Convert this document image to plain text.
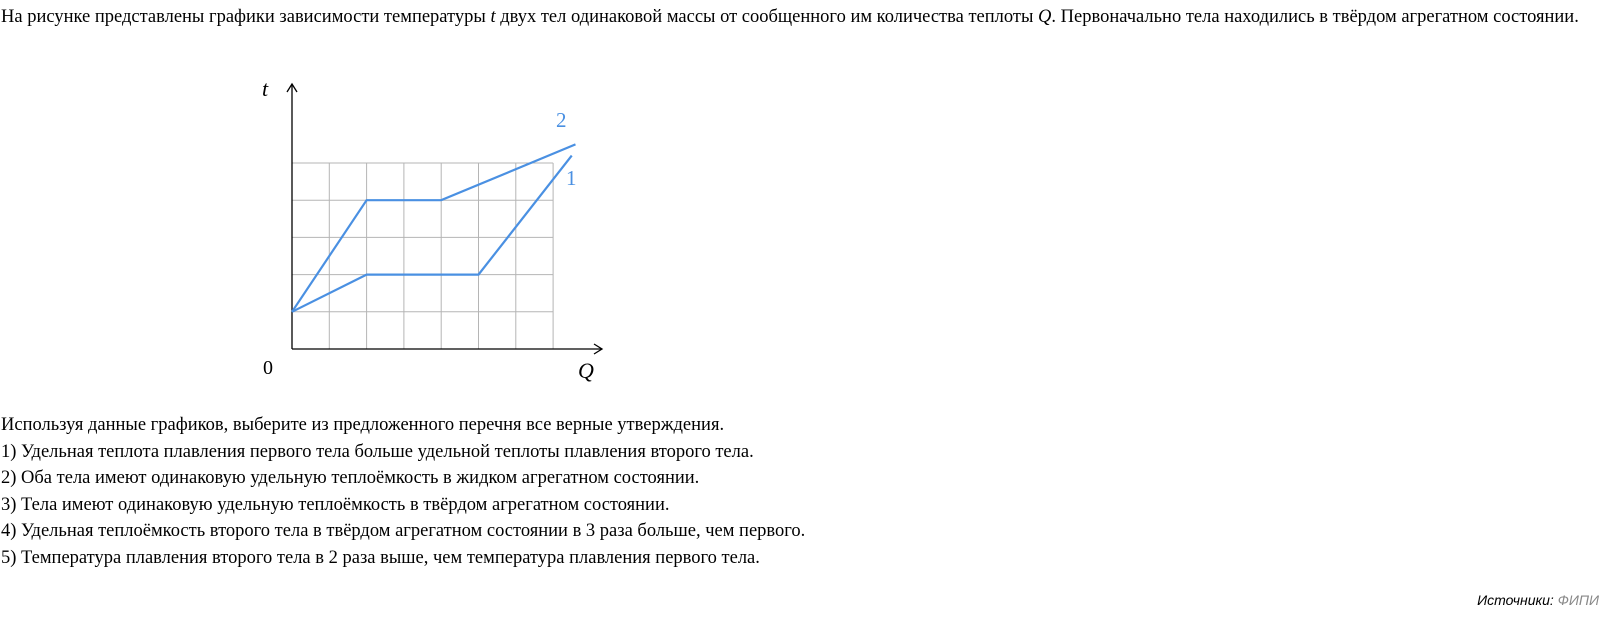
На рисунке представлены графики зависимости температуры t двух тел одинаковой массы от сообщенного им количества теплоты Q. Первоначально тела находились в твёрдом агрегатном состоянии.
t
Q
0
2
1
Используя данные графиков, выберите из предложенного перечня все верные утверждения.
1) Удельная теплота плавления первого тела больше удельной теплоты плавления второго тела.
2) Оба тела имеют одинаковую удельную теплоёмкость в жидком агрегатном состоянии.
3) Тела имеют одинаковую удельную теплоёмкость в твёрдом агрегатном состоянии.
4) Удельная теплоёмкость второго тела в твёрдом агрегатном состоянии в 3 раза больше, чем первого.
5) Температура плавления второго тела в 2 раза выше, чем температура плавления первого тела.
Источники: ФИПИ
